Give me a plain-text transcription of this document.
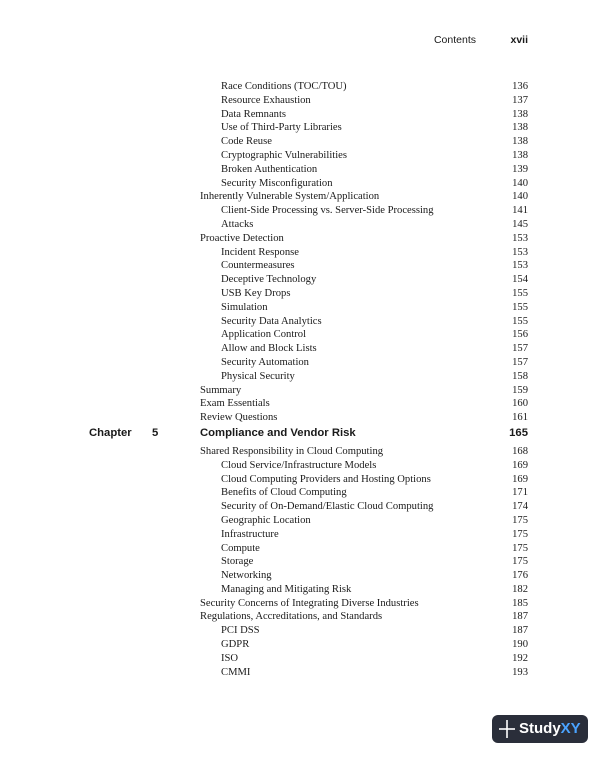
Contents	xvii
Race Conditions (TOC/TOU)	136
Resource Exhaustion	137
Data Remnants	138
Use of Third-Party Libraries	138
Code Reuse	138
Cryptographic Vulnerabilities	138
Broken Authentication	139
Security Misconfiguration	140
Inherently Vulnerable System/Application	140
Client-Side Processing vs. Server-Side Processing	141
Attacks	145
Proactive Detection	153
Incident Response	153
Countermeasures	153
Deceptive Technology	154
USB Key Drops	155
Simulation	155
Security Data Analytics	155
Application Control	156
Allow and Block Lists	157
Security Automation	157
Physical Security	158
Summary	159
Exam Essentials	160
Review Questions	161
Chapter 5	Compliance and Vendor Risk	165
Shared Responsibility in Cloud Computing	168
Cloud Service/Infrastructure Models	169
Cloud Computing Providers and Hosting Options	169
Benefits of Cloud Computing	171
Security of On-Demand/Elastic Cloud Computing	174
Geographic Location	175
Infrastructure	175
Compute	175
Storage	175
Networking	176
Managing and Mitigating Risk	182
Security Concerns of Integrating Diverse Industries	185
Regulations, Accreditations, and Standards	187
PCI DSS	187
GDPR	190
ISO	192
CMMI	193
StudyXY
